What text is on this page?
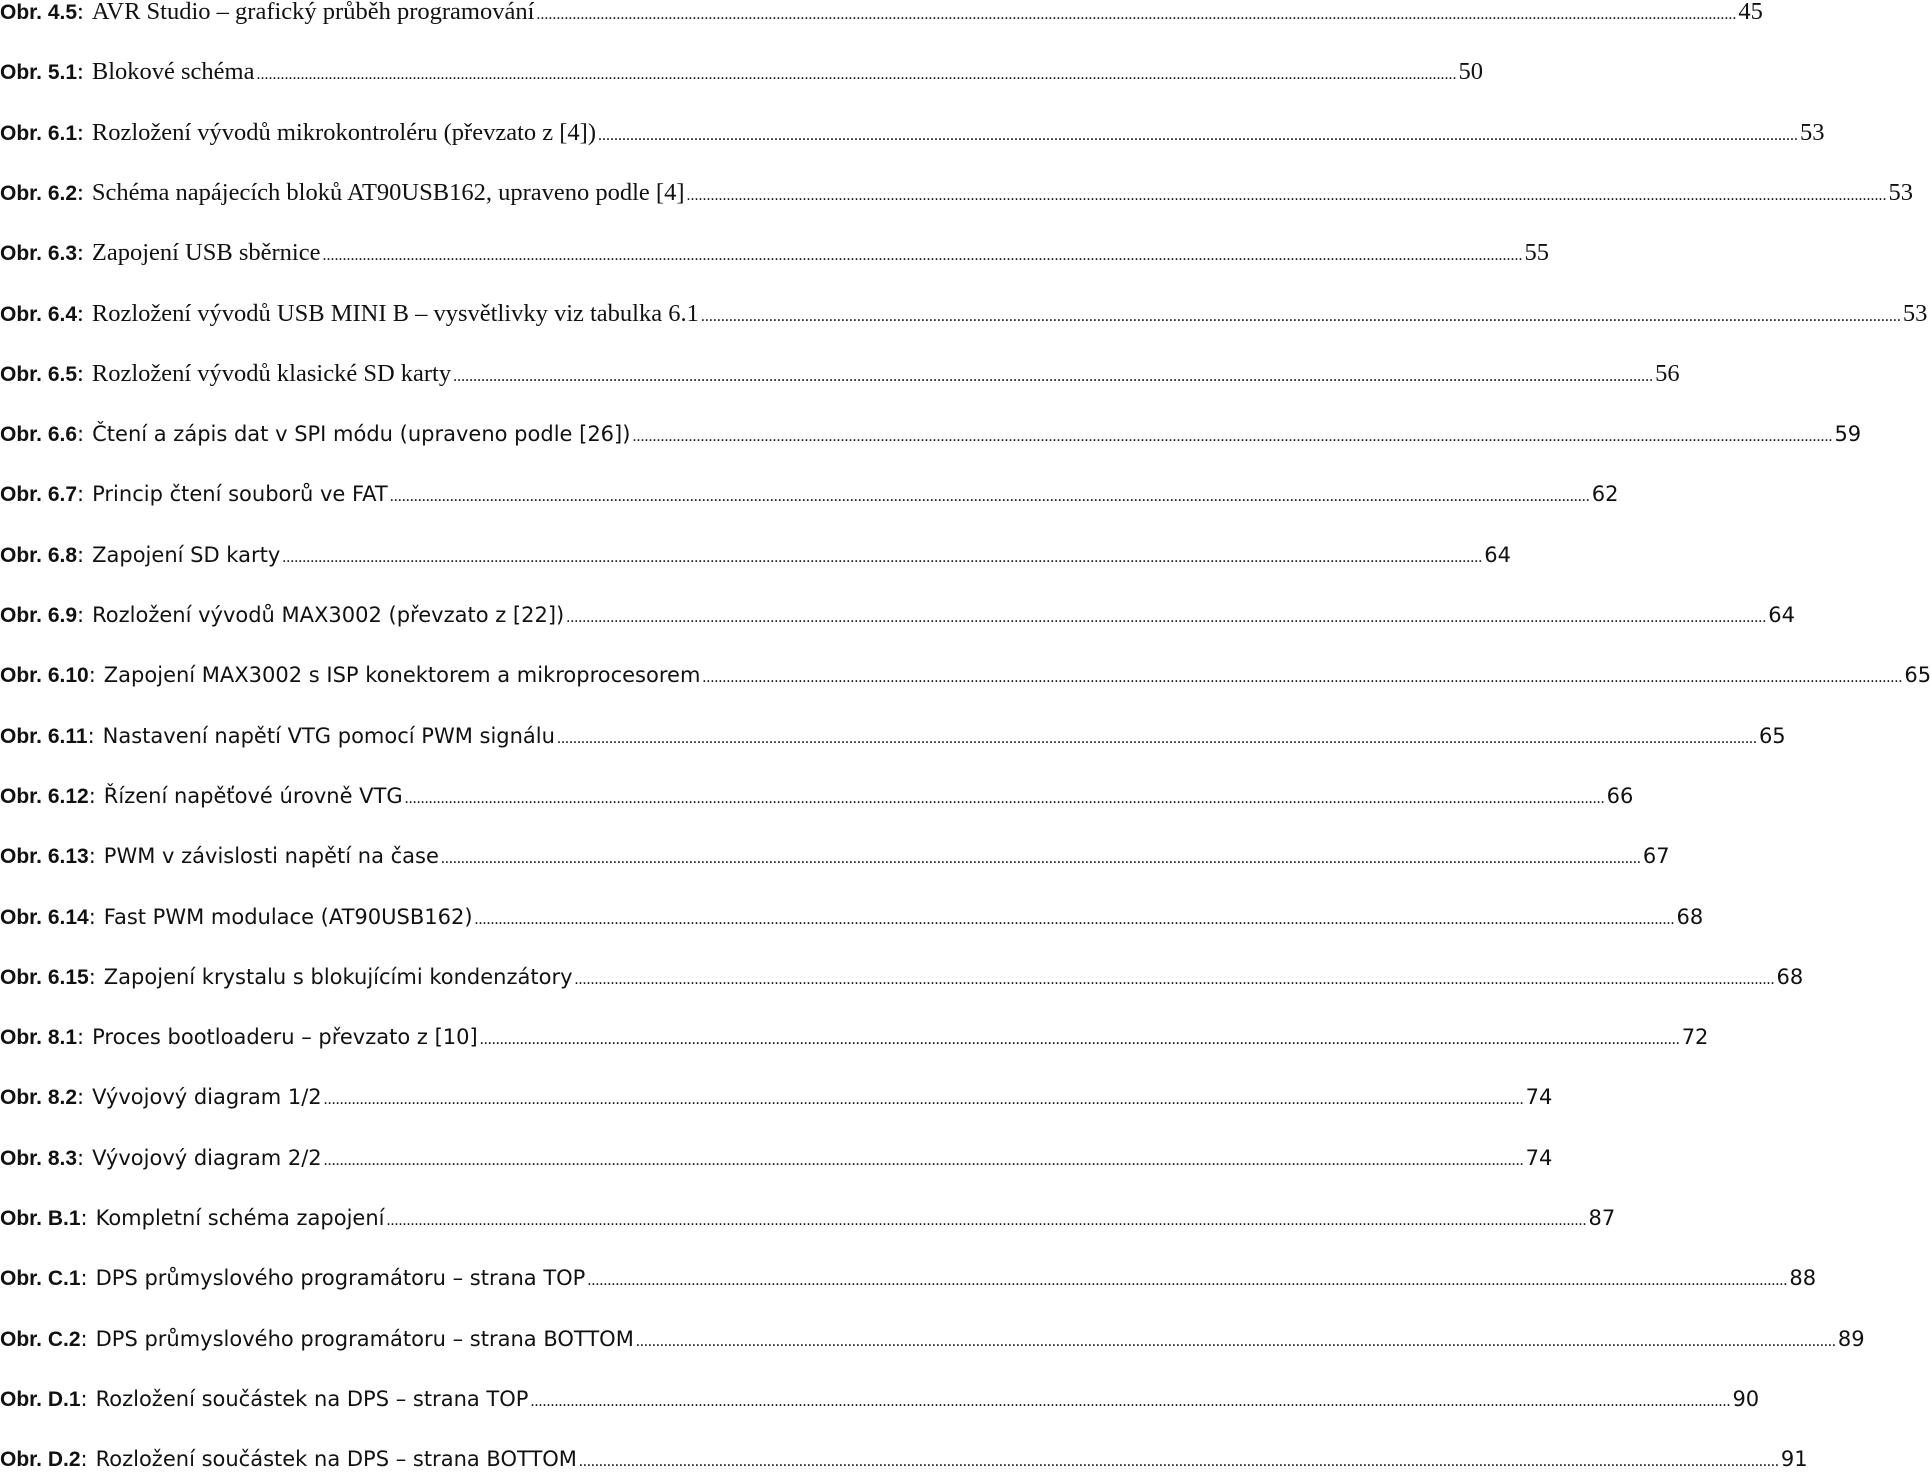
Obr. 4.5 : AVR Studio – grafický průběh programování ............................................................................................................................................................................................................................................................................................................ 45
Obr. 5.1 : Blokové schéma ............................................................................................................................................................................................................................................................................................................ 50
Obr. 6.1 : Rozložení vývodů mikrokontroléru (převzato z [4]) ............................................................................................................................................................................................................................................................................................................ 53
Obr. 6.2 : Schéma napájecích bloků AT90USB162, upraveno podle [4] ............................................................................................................................................................................................................................................................................................................ 53
Obr. 6.3 : Zapojení USB sběrnice ............................................................................................................................................................................................................................................................................................................ 55
Obr. 6.4 : Rozložení vývodů USB MINI B – vysvětlivky viz tabulka 6.1 ............................................................................................................................................................................................................................................................................................................ 53
Obr. 6.5 : Rozložení vývodů klasické SD karty ............................................................................................................................................................................................................................................................................................................ 56
Obr. 6.6 : Čtení a zápis dat v SPI módu (upraveno podle [26]) ............................................................................................................................................................................................................................................................................................................ 59
Obr. 6.7 : Princip čtení souborů ve FAT ............................................................................................................................................................................................................................................................................................................ 62
Obr. 6.8 : Zapojení SD karty ............................................................................................................................................................................................................................................................................................................ 64
Obr. 6.9 : Rozložení vývodů MAX3002 (převzato z [22]) ............................................................................................................................................................................................................................................................................................................ 64
Obr. 6.10 : Zapojení MAX3002 s ISP konektorem a mikroprocesorem ............................................................................................................................................................................................................................................................................................................ 65
Obr. 6.11 : Nastavení napětí VTG pomocí PWM signálu ............................................................................................................................................................................................................................................................................................................ 65
Obr. 6.12 : Řízení napěťové úrovně VTG ............................................................................................................................................................................................................................................................................................................ 66
Obr. 6.13 : PWM v závislosti napětí na čase ............................................................................................................................................................................................................................................................................................................ 67
Obr. 6.14 : Fast PWM modulace (AT90USB162) ............................................................................................................................................................................................................................................................................................................ 68
Obr. 6.15 : Zapojení krystalu s blokujícími kondenzátory ............................................................................................................................................................................................................................................................................................................ 68
Obr. 8.1 : Proces bootloaderu – převzato z [10] ............................................................................................................................................................................................................................................................................................................ 72
Obr. 8.2 : Vývojový diagram 1/2 ............................................................................................................................................................................................................................................................................................................ 74
Obr. 8.3 : Vývojový diagram 2/2 ............................................................................................................................................................................................................................................................................................................ 74
Obr. B.1 : Kompletní schéma zapojení ............................................................................................................................................................................................................................................................................................................ 87
Obr. C.1 : DPS průmyslového programátoru – strana TOP ............................................................................................................................................................................................................................................................................................................ 88
Obr. C.2 : DPS průmyslového programátoru – strana BOTTOM ............................................................................................................................................................................................................................................................................................................ 89
Obr. D.1 : Rozložení součástek na DPS – strana TOP ............................................................................................................................................................................................................................................................................................................ 90
Obr. D.2 : Rozložení součástek na DPS – strana BOTTOM ............................................................................................................................................................................................................................................................................................................ 91
